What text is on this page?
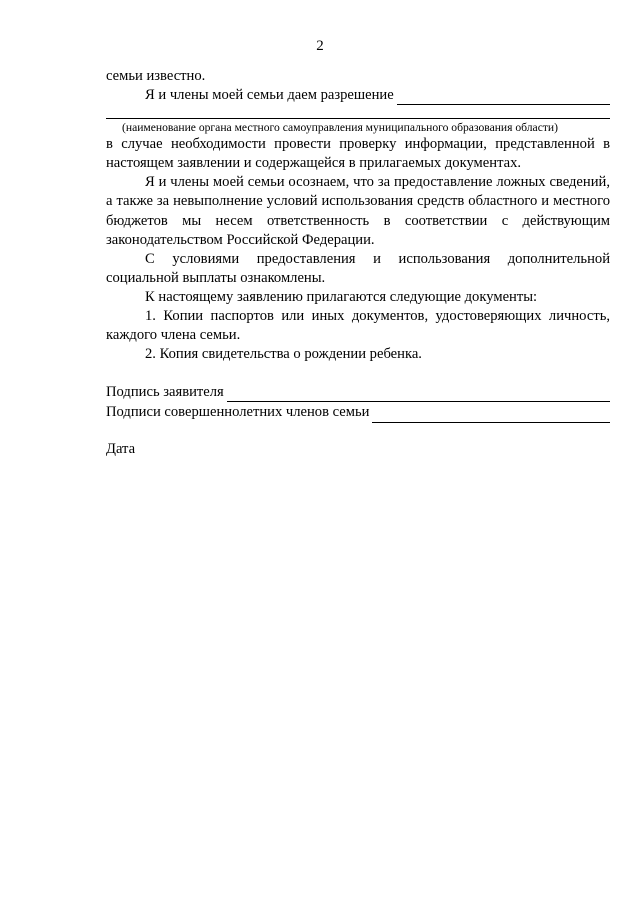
2

семьи известно.

Я и члены моей семьи даем разрешение
(наименование органа местного самоуправления муниципального образования области)

в случае необходимости провести проверку информации, представленной в настоящем заявлении и содержащейся в прилагаемых документах.

Я и члены моей семьи осознаем, что за предоставление ложных сведений, а также за невыполнение условий использования средств областного и местного бюджетов мы несем ответственность в соответствии с действующим законодательством Российской Федерации.

С условиями предоставления и использования дополнительной социальной выплаты ознакомлены.

К настоящему заявлению прилагаются следующие документы:

1. Копии паспортов или иных документов, удостоверяющих личность, каждого члена семьи.

2. Копия свидетельства о рождении ребенка.

Подпись заявителя
Подписи совершеннолетних членов семьи

Дата
